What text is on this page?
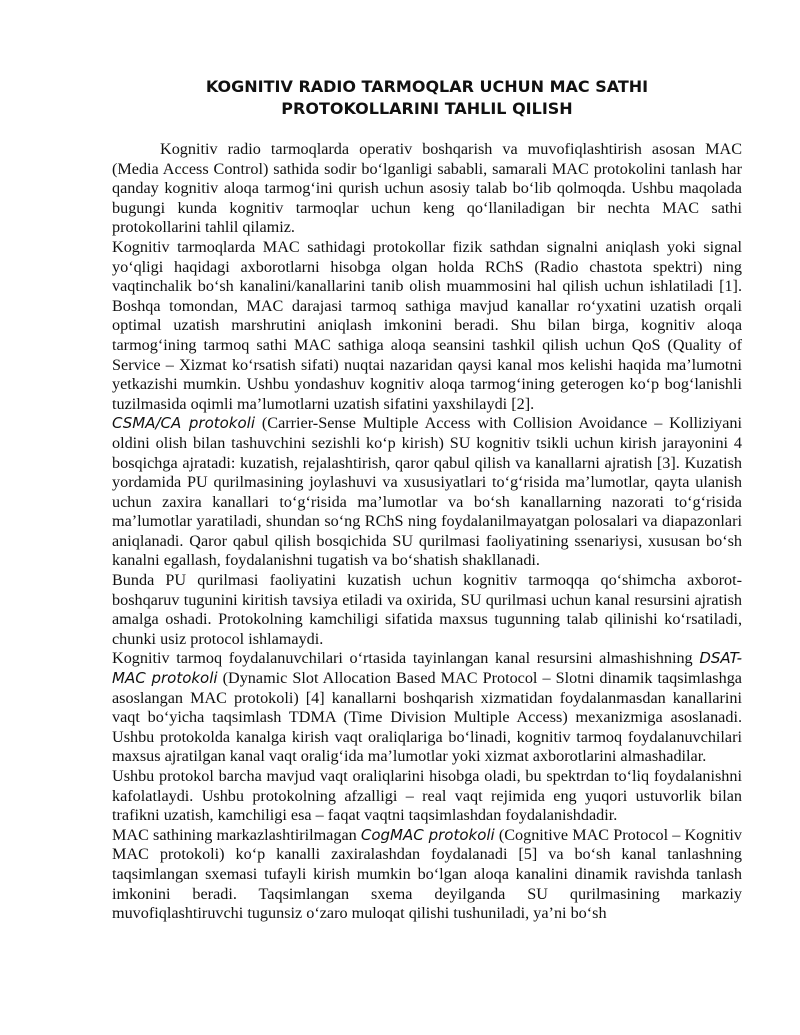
KOGNITIV RADIO TARMOQLAR UCHUN MAC SATHI
PROTOKOLLARINI TAHLIL QILISH

Kognitiv radio tarmoqlarda operativ boshqarish va muvofiqlashtirish asosan MAC (Media Access Control) sathida sodir bo‘lganligi sababli, samarali MAC protokolini tanlash har qanday kognitiv aloqa tarmog‘ini qurish uchun asosiy talab bo‘lib qolmoqda. Ushbu maqolada bugungi kunda kognitiv tarmoqlar uchun keng qo‘llaniladigan bir nechta MAC sathi protokollarini tahlil qilamiz.

Kognitiv tarmoqlarda MAC sathidagi protokollar fizik sathdan signalni aniqlash yoki signal yo‘qligi haqidagi axborotlarni hisobga olgan holda RChS (Radio chastota spektri) ning vaqtinchalik bo‘sh kanalini/kanallarini tanib olish muammosini hal qilish uchun ishlatiladi [1]. Boshqa tomondan, MAC darajasi tarmoq sathiga mavjud kanallar ro‘yxatini uzatish orqali optimal uzatish marshrutini aniqlash imkonini beradi. Shu bilan birga, kognitiv aloqa tarmog‘ining tarmoq sathi MAC sathiga aloqa seansini tashkil qilish uchun QoS (Quality of Service – Xizmat ko‘rsatish sifati) nuqtai nazaridan qaysi kanal mos kelishi haqida ma’lumotni yetkazishi mumkin. Ushbu yondashuv kognitiv aloqa tarmog‘ining geterogen ko‘p bog‘lanishli tuzilmasida oqimli ma’lumotlarni uzatish sifatini yaxshilaydi [2].

CSMA/CA protokoli (Carrier-Sense Multiple Access with Collision Avoidance – Kolliziyani oldini olish bilan tashuvchini sezishli ko‘p kirish) SU kognitiv tsikli uchun kirish jarayonini 4 bosqichga ajratadi: kuzatish, rejalashtirish, qaror qabul qilish va kanallarni ajratish [3]. Kuzatish yordamida PU qurilmasining joylashuvi va xususiyatlari to‘g‘risida ma’lumotlar, qayta ulanish uchun zaxira kanallari to‘g‘risida ma’lumotlar va bo‘sh kanallarning nazorati to‘g‘risida ma’lumotlar yaratiladi, shundan so‘ng RChS ning foydalanilmayatgan polosalari va diapazonlari aniqlanadi. Qaror qabul qilish bosqichida SU qurilmasi faoliyatining ssenariysi, xususan bo‘sh kanalni egallash, foydalanishni tugatish va bo‘shatish shakllanadi.

Bunda PU qurilmasi faoliyatini kuzatish uchun kognitiv tarmoqqa qo‘shimcha axborot-boshqaruv tugunini kiritish tavsiya etiladi va oxirida, SU qurilmasi uchun kanal resursini ajratish amalga oshadi. Protokolning kamchiligi sifatida maxsus tugunning talab qilinishi ko‘rsatiladi, chunki usiz protocol ishlamaydi.

Kognitiv tarmoq foydalanuvchilari o‘rtasida tayinlangan kanal resursini almashishning DSAT-MAC protokoli (Dynamic Slot Allocation Based MAC Protocol – Slotni dinamik taqsimlashga asoslangan MAC protokoli) [4] kanallarni boshqarish xizmatidan foydalanmasdan kanallarini vaqt bo‘yicha taqsimlash TDMA (Time Division Multiple Access) mexanizmiga asoslanadi. Ushbu protokolda kanalga kirish vaqt oraliqlariga bo‘linadi, kognitiv tarmoq foydalanuvchilari maxsus ajratilgan kanal vaqt oralig‘ida ma’lumotlar yoki xizmat axborotlarini almashadilar.

Ushbu protokol barcha mavjud vaqt oraliqlarini hisobga oladi, bu spektrdan to‘liq foydalanishni kafolatlaydi. Ushbu protokolning afzalligi – real vaqt rejimida eng yuqori ustuvorlik bilan trafikni uzatish, kamchiligi esa – faqat vaqtni taqsimlashdan foydalanishdadir.

MAC sathining markazlashtirilmagan CogMAC protokoli (Cognitive MAC Protocol – Kognitiv MAC protokoli) ko‘p kanalli zaxiralashdan foydalanadi [5] va bo‘sh kanal tanlashning taqsimlangan sxemasi tufayli kirish mumkin bo‘lgan aloqa kanalini dinamik ravishda tanlash imkonini beradi. Taqsimlangan sxema deyilganda SU qurilmasining markaziy muvofiqlashtiruvchi tugunsiz o‘zaro muloqat qilishi tushuniladi, ya’ni bo‘sh
